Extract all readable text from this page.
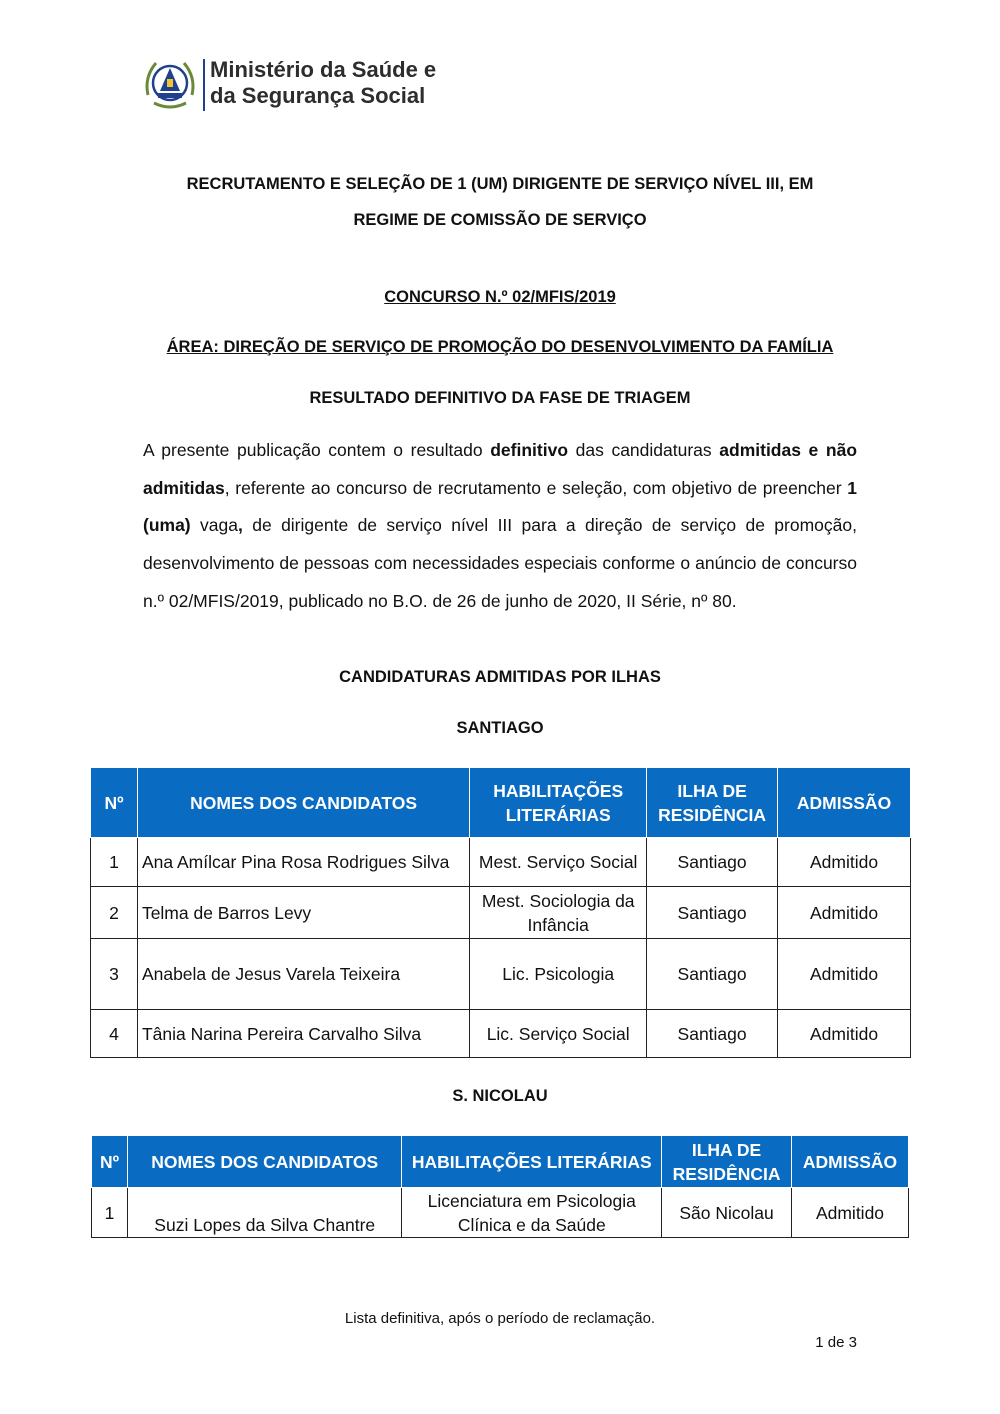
Ministério da Saúde e
da Segurança Social
RECRUTAMENTO E SELEÇÃO DE 1 (UM) DIRIGENTE DE SERVIÇO NÍVEL III, EM
REGIME DE COMISSÃO DE SERVIÇO
CONCURSO N.º 02/MFIS/2019
ÁREA: DIREÇÃO DE SERVIÇO DE PROMOÇÃO DO DESENVOLVIMENTO DA FAMÍLIA
RESULTADO DEFINITIVO DA FASE DE TRIAGEM
A presente publicação contem o resultado definitivo das candidaturas admitidas e não admitidas, referente ao concurso de recrutamento e seleção, com objetivo de preencher 1 (uma) vaga, de dirigente de serviço nível III para a direção de serviço de promoção, desenvolvimento de pessoas com necessidades especiais conforme o anúncio de concurso n.º 02/MFIS/2019, publicado no B.O. de 26 de junho de 2020, II Série, nº 80.
CANDIDATURAS ADMITIDAS POR ILHAS
SANTIAGO
Nº	NOMES DOS CANDIDATOS	HABILITAÇÕES LITERÁRIAS	ILHA DE RESIDÊNCIA	ADMISSÃO
1	Ana Amílcar Pina Rosa Rodrigues Silva	Mest. Serviço Social	Santiago	Admitido
2	Telma de Barros Levy	Mest. Sociologia da Infância	Santiago	Admitido
3	Anabela de Jesus Varela Teixeira	Lic. Psicologia	Santiago	Admitido
4	Tânia Narina Pereira Carvalho Silva	Lic. Serviço Social	Santiago	Admitido
S. NICOLAU
Nº	NOMES DOS CANDIDATOS	HABILITAÇÕES LITERÁRIAS	ILHA DE RESIDÊNCIA	ADMISSÃO
1	Suzi Lopes da Silva Chantre	Licenciatura em Psicologia Clínica e da Saúde	São Nicolau	Admitido
Lista definitiva, após o período de reclamação.
1 de 3
